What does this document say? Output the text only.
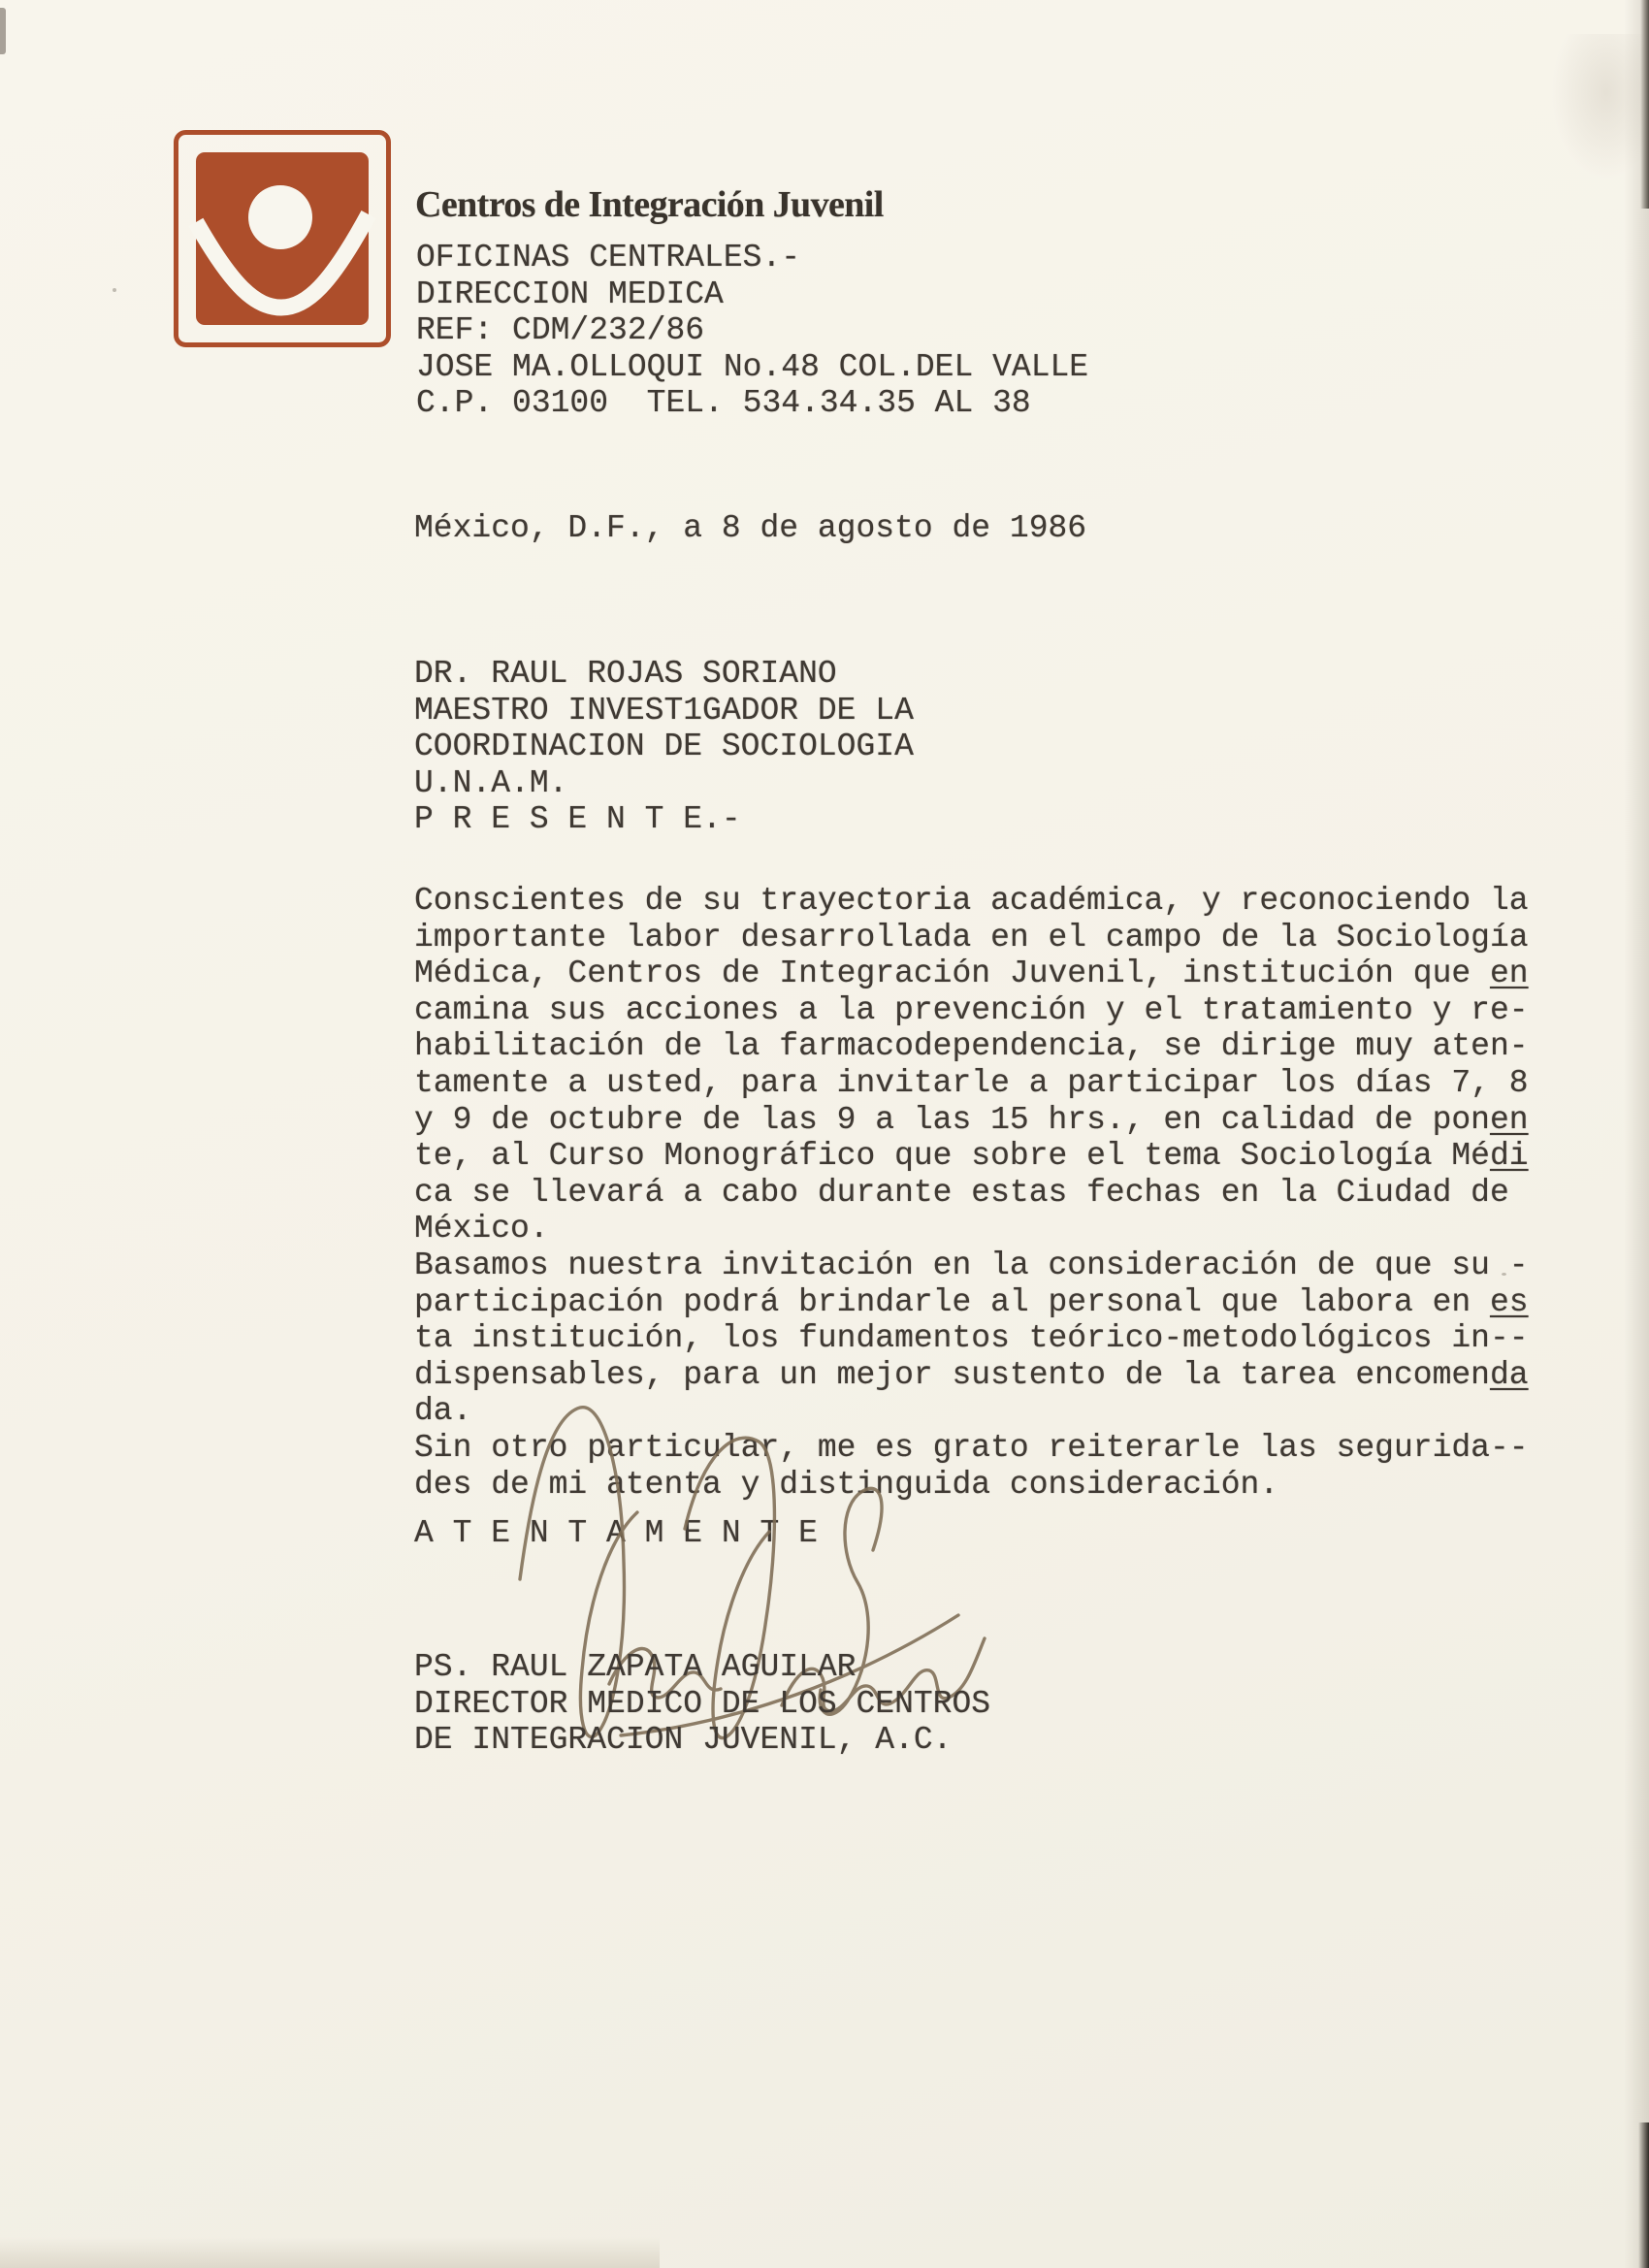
Centros de Integración Juvenil
OFICINAS CENTRALES.-
DIRECCION MEDICA
REF: CDM/232/86
JOSE MA.OLLOQUI No.48 COL.DEL VALLE
C.P. 03100  TEL. 534.34.35 AL 38
México, D.F., a 8 de agosto de 1986
DR. RAUL ROJAS SORIANO
MAESTRO INVEST1GADOR DE LA
COORDINACION DE SOCIOLOGIA
U.N.A.M.
P R E S E N T E.-
Conscientes de su trayectoria académica, y reconociendo la
importante labor desarrollada en el campo de la Sociología
Médica, Centros de Integración Juvenil, institución que en
camina sus acciones a la prevención y el tratamiento y re-
habilitación de la farmacodependencia, se dirige muy aten-
tamente a usted, para invitarle a participar los días 7, 8
y 9 de octubre de las 9 a las 15 hrs., en calidad de ponen
te, al Curso Monográfico que sobre el tema Sociología Médi
ca se llevará a cabo durante estas fechas en la Ciudad de
México.
Basamos nuestra invitación en la consideración de que su -
participación podrá brindarle al personal que labora en es
ta institución, los fundamentos teórico-metodológicos in--
dispensables, para un mejor sustento de la tarea encomenda
da.
Sin otro particular, me es grato reiterarle las segurida--
des de mi atenta y distinguida consideración.
A T E N T A M E N T E
PS. RAUL ZAPATA AGUILAR
DIRECTOR MEDICO DE LOS CENTROS
DE INTEGRACION JUVENIL, A.C.
